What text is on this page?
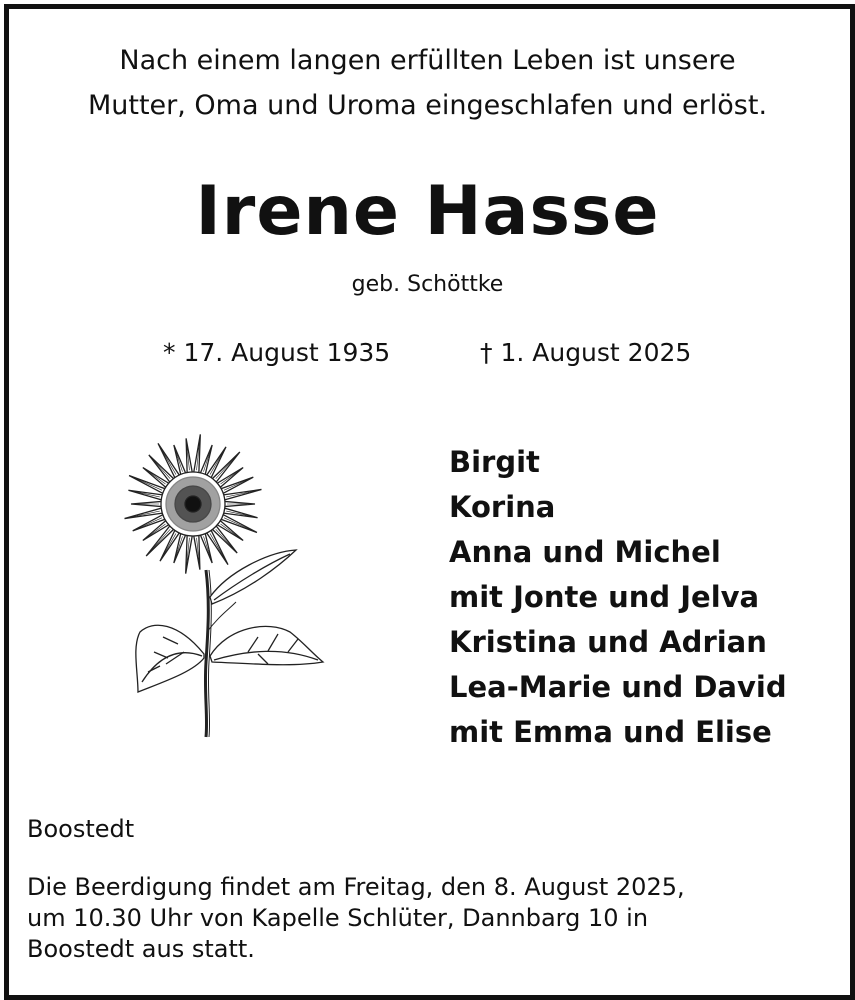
Nach einem langen erfüllten Leben ist unsere
Mutter, Oma und Uroma eingeschlafen und erlöst.
Irene Hasse
geb. Schöttke
* 17. August 1935	† 1. August 2025
Birgit
Korina
Anna und Michel
mit Jonte und Jelva
Kristina und Adrian
Lea-Marie und David
mit Emma und Elise
Boostedt
Die Beerdigung findet am Freitag, den 8. August 2025,
um 10.30 Uhr von Kapelle Schlüter, Dannbarg 10 in
Boostedt aus statt.
